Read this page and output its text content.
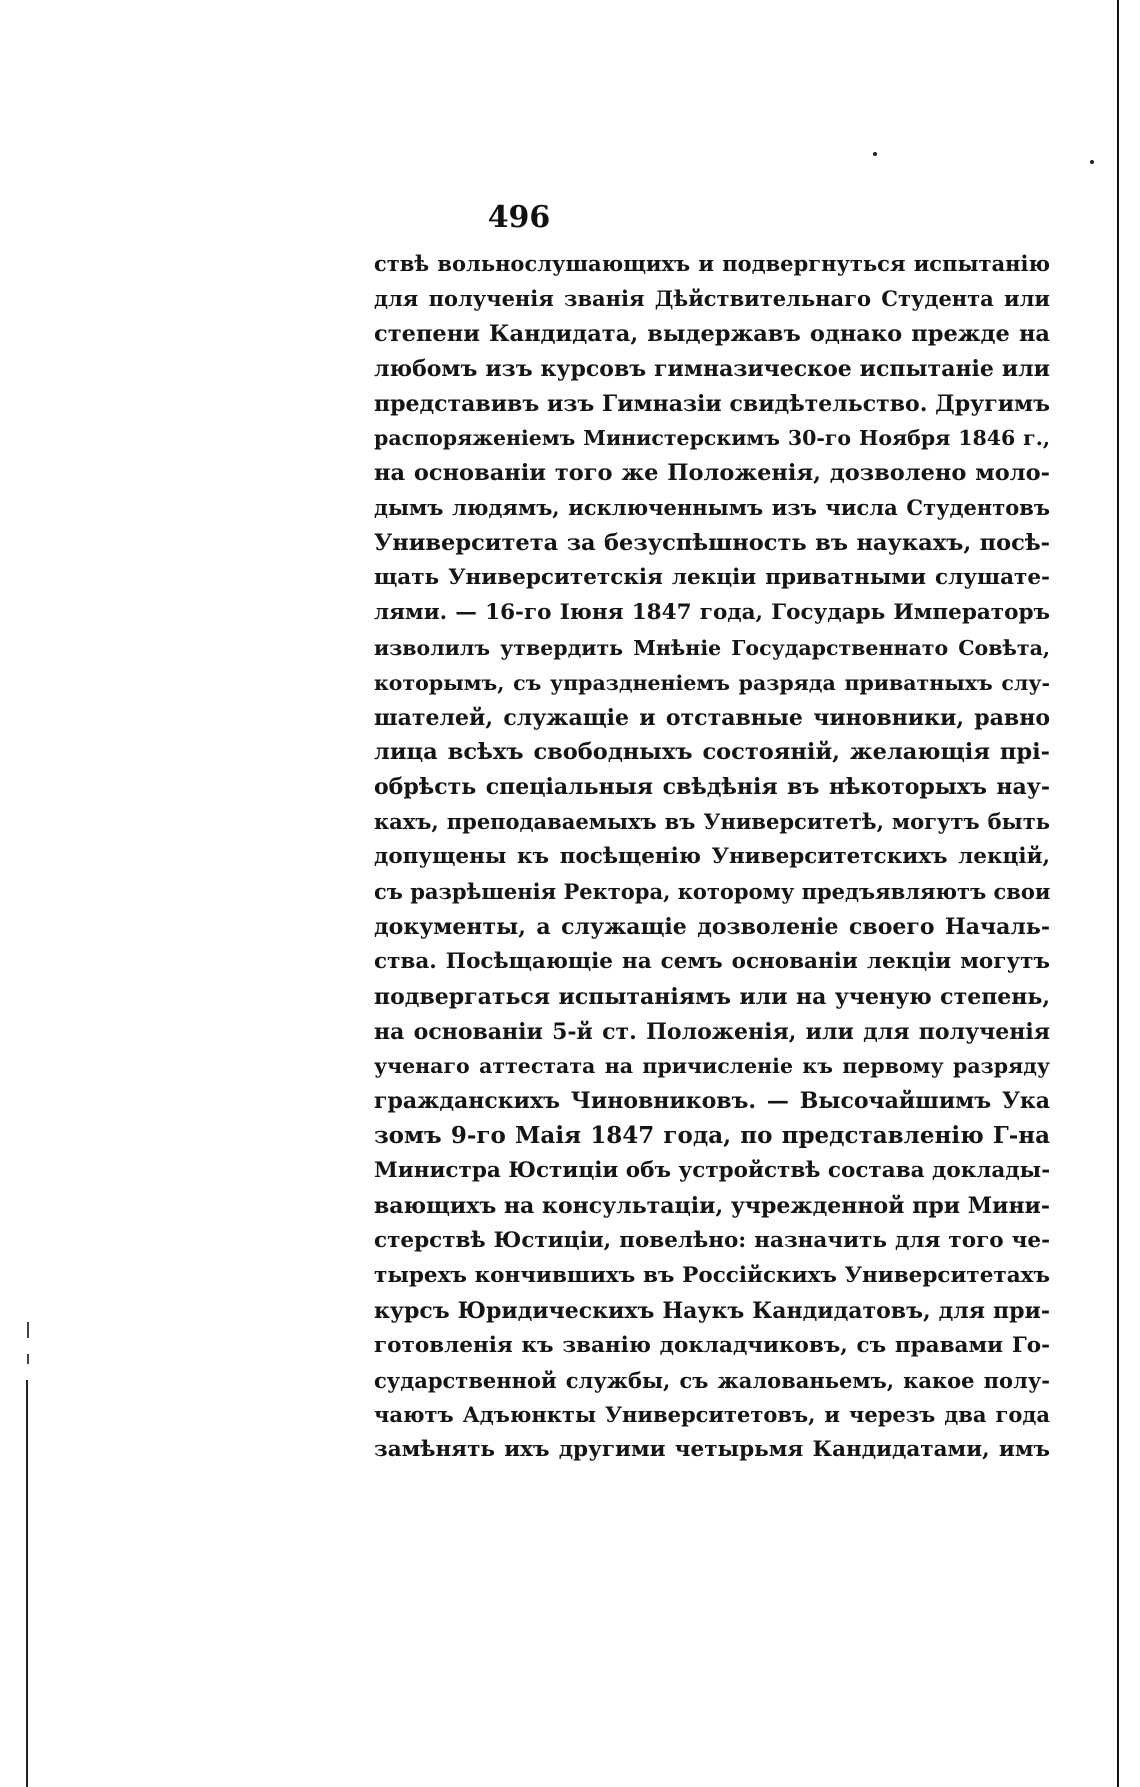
496
ствѣ вольнослушающихъ и подвергнуться испытанію
для полученія званія Дѣйствительнаго Студента или
степени Кандидата, выдержавъ однако прежде на
любомъ изъ курсовъ гимназическое испытаніе или
представивъ изъ Гимназіи свидѣтельство. Другимъ
распоряженіемъ Министерскимъ 30-го Ноября 1846 г.,
на основаніи того же Положенія, дозволено моло-
дымъ людямъ, исключеннымъ изъ числа Студентовъ
Университета за безуспѣшность въ наукахъ, посѣ-
щать Университетскія лекціи приватными слушате-
лями. — 16-го Іюня 1847 года, Государь Императоръ
изволилъ утвердить Мнѣніе Государственнато Совѣта,
которымъ, съ упраздненіемъ разряда приватныхъ слу-
шателей, служащіе и отставные чиновники, равно
лица всѣхъ свободныхъ состояній, желающія прі-
обрѣсть спеціальныя свѣдѣнія въ нѣкоторыхъ нау-
кахъ, преподаваемыхъ въ Университетѣ, могутъ быть
допущены къ посѣщенію Университетскихъ лекцій,
съ разрѣшенія Ректора, которому предъявляютъ свои
документы, а служащіе дозволеніе своего Началь-
ства. Посѣщающіе на семъ основаніи лекціи могутъ
подвергаться испытаніямъ или на ученую степень,
на основаніи 5-й ст. Положенія, или для полученія
ученаго аттестата на причисленіе къ первому разряду
гражданскихъ Чиновниковъ. — Высочайшимъ Ука
зомъ 9-го Маія 1847 года, по представленію Г-на
Министра Юстиціи объ устройствѣ состава доклады-
вающихъ на консультаціи, учрежденной при Мини-
стерствѣ Юстиціи, повелѣно: назначить для того че-
тырехъ кончившихъ въ Россійскихъ Университетахъ
курсъ Юридическихъ Наукъ Кандидатовъ, для при-
готовленія къ званію докладчиковъ, съ правами Го-
сударственной службы, съ жалованьемъ, какое полу-
чаютъ Адъюнкты Университетовъ, и черезъ два года
замѣнять ихъ другими четырьмя Кандидатами, имъ
